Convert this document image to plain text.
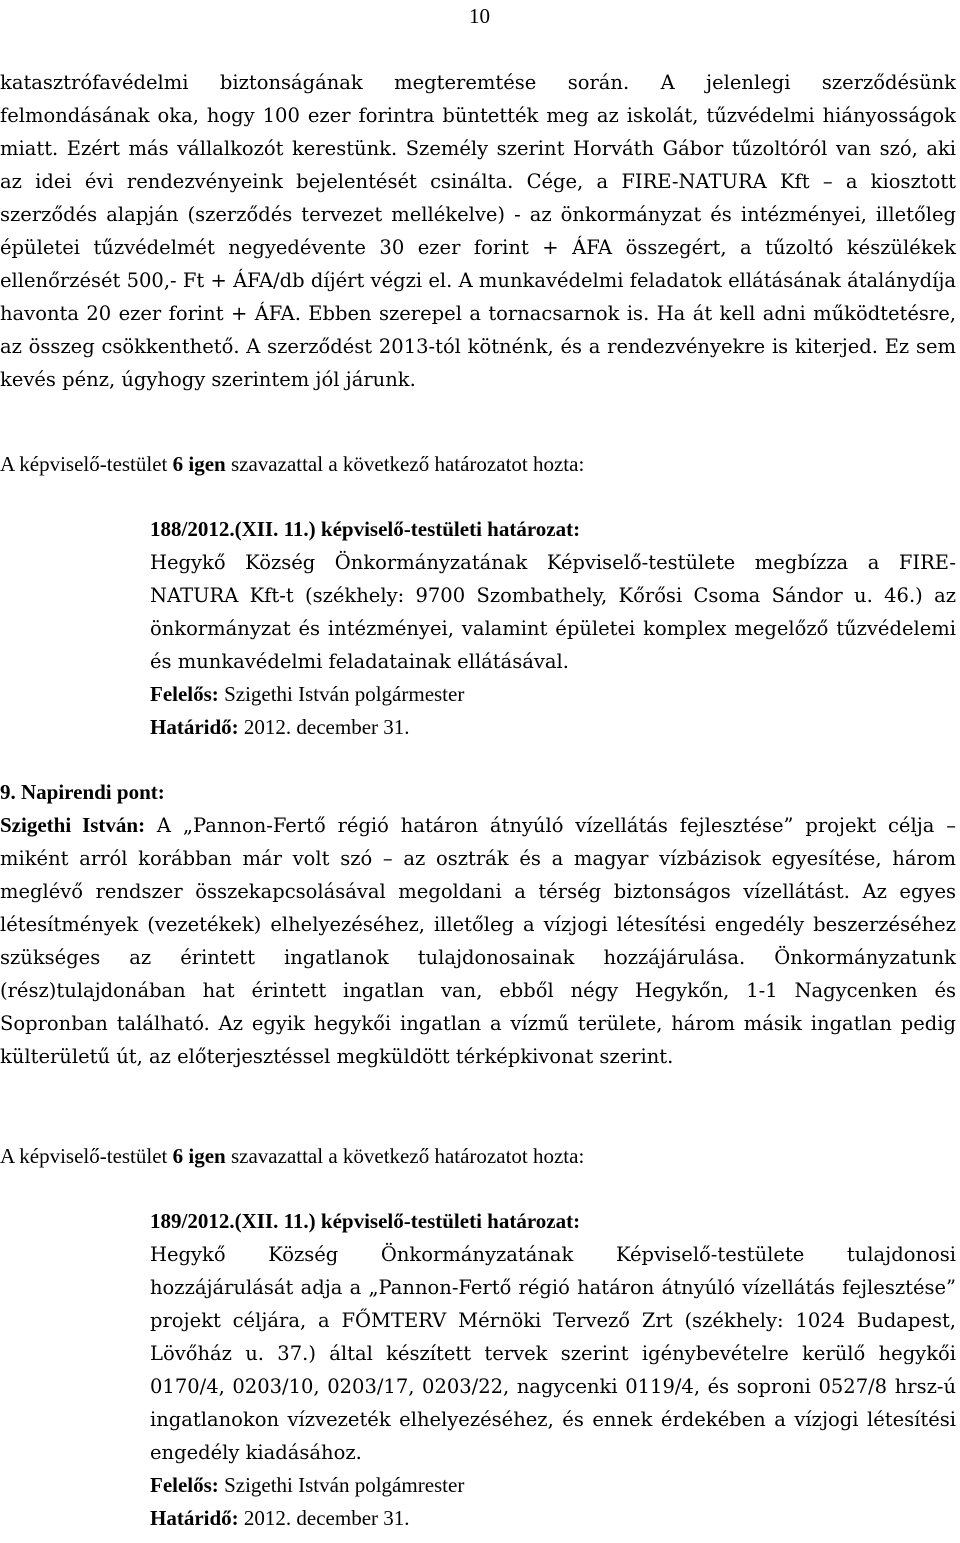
10
katasztrófavédelmi biztonságának megteremtése során. A jelenlegi szerződésünk felmondásának oka, hogy 100 ezer forintra büntették meg az iskolát, tűzvédelmi hiányosságok miatt. Ezért más vállalkozót kerestünk. Személy szerint Horváth Gábor tűzoltóról van szó, aki az idei évi rendezvényeink bejelentését csinálta. Cége, a FIRE-NATURA Kft – a kiosztott szerződés alapján (szerződés tervezet mellékelve) - az önkormányzat és intézményei, illetőleg épületei tűzvédelmét negyedévente 30 ezer forint + ÁFA összegért, a tűzoltó készülékek ellenőrzését 500,- Ft + ÁFA/db díjért végzi el. A munkavédelmi feladatok ellátásának átalánydíja havonta 20 ezer forint + ÁFA. Ebben szerepel a tornacsarnok is. Ha át kell adni működtetésre, az összeg csökkenthető. A szerződést 2013-tól kötnénk, és a rendezvényekre is kiterjed. Ez sem kevés pénz, úgyhogy szerintem jól járunk.
A képviselő-testület 6 igen szavazattal a következő határozatot hozta:
188/2012.(XII. 11.) képviselő-testületi határozat:
Hegykő Község Önkormányzatának Képviselő-testülete megbízza a FIRE-NATURA Kft-t (székhely: 9700 Szombathely, Kőrősi Csoma Sándor u. 46.) az önkormányzat és intézményei, valamint épületei komplex megelőző tűzvédelemi és munkavédelmi feladatainak ellátásával.
Felelős: Szigethi István polgármester
Határidő: 2012. december 31.
9. Napirendi pont:
Szigethi István: A „Pannon-Fertő régió határon átnyúló vízellátás fejlesztése” projekt célja – miként arról korábban már volt szó – az osztrák és a magyar vízbázisok egyesítése, három meglévő rendszer összekapcsolásával megoldani a térség biztonságos vízellátást. Az egyes létesítmények (vezetékek) elhelyezéséhez, illetőleg a vízjogi létesítési engedély beszerzéséhez szükséges az érintett ingatlanok tulajdonosainak hozzájárulása. Önkormányzatunk (rész)tulajdonában hat érintett ingatlan van, ebből négy Hegykőn, 1-1 Nagycenken és Sopronban található. Az egyik hegykői ingatlan a vízmű területe, három másik ingatlan pedig külterületű út, az előterjesztéssel megküldött térképkivonat szerint.
A képviselő-testület 6 igen szavazattal a következő határozatot hozta:
189/2012.(XII. 11.) képviselő-testületi határozat:
Hegykő Község Önkormányzatának Képviselő-testülete tulajdonosi hozzájárulását adja a „Pannon-Fertő régió határon átnyúló vízellátás fejlesztése” projekt céljára, a FŐMTERV Mérnöki Tervező Zrt (székhely: 1024 Budapest, Lövőház u. 37.) által készített tervek szerint igénybevételre kerülő hegykői 0170/4, 0203/10, 0203/17, 0203/22, nagycenki 0119/4, és soproni 0527/8 hrsz-ú ingatlanokon vízvezeték elhelyezéséhez, és ennek érdekében a vízjogi létesítési engedély kiadásához.
Felelős: Szigethi István polgámrester
Határidő: 2012. december 31.
